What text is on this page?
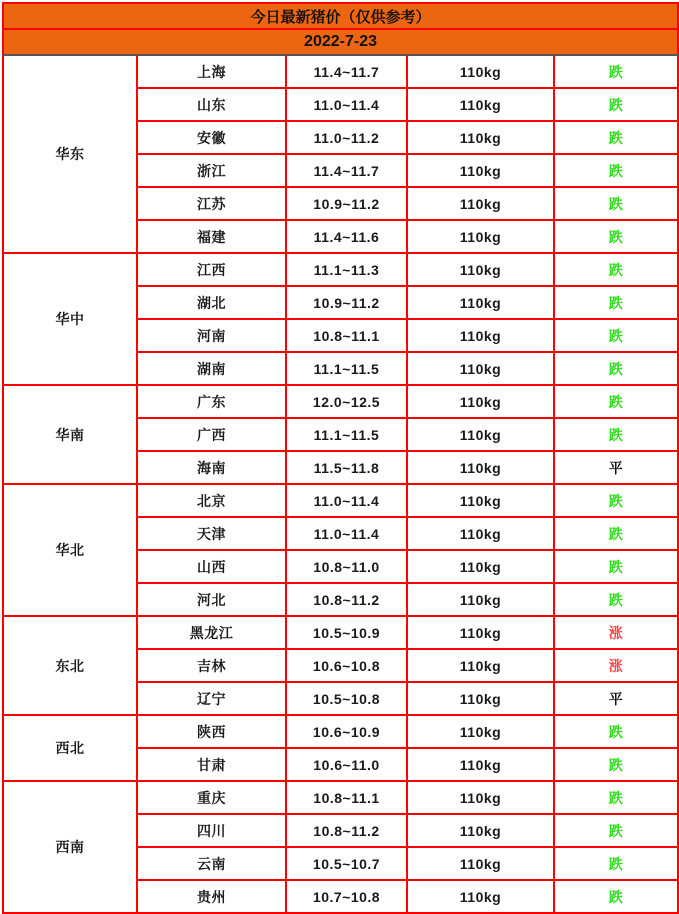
今日最新猪价（仅供参考）				
2022-7-23				
华东	上海	11.4~11.7	110kg	跌
	山东	11.0~11.4	110kg	跌
	安徽	11.0~11.2	110kg	跌
	浙江	11.4~11.7	110kg	跌
	江苏	10.9~11.2	110kg	跌
	福建	11.4~11.6	110kg	跌
华中	江西	11.1~11.3	110kg	跌
	湖北	10.9~11.2	110kg	跌
	河南	10.8~11.1	110kg	跌
	湖南	11.1~11.5	110kg	跌
华南	广东	12.0~12.5	110kg	跌
	广西	11.1~11.5	110kg	跌
	海南	11.5~11.8	110kg	平
华北	北京	11.0~11.4	110kg	跌
	天津	11.0~11.4	110kg	跌
	山西	10.8~11.0	110kg	跌
	河北	10.8~11.2	110kg	跌
东北	黑龙江	10.5~10.9	110kg	涨
	吉林	10.6~10.8	110kg	涨
	辽宁	10.5~10.8	110kg	平
西北	陕西	10.6~10.9	110kg	跌
	甘肃	10.6~11.0	110kg	跌
西南	重庆	10.8~11.1	110kg	跌
	四川	10.8~11.2	110kg	跌
	云南	10.5~10.7	110kg	跌
	贵州	10.7~10.8	110kg	跌
